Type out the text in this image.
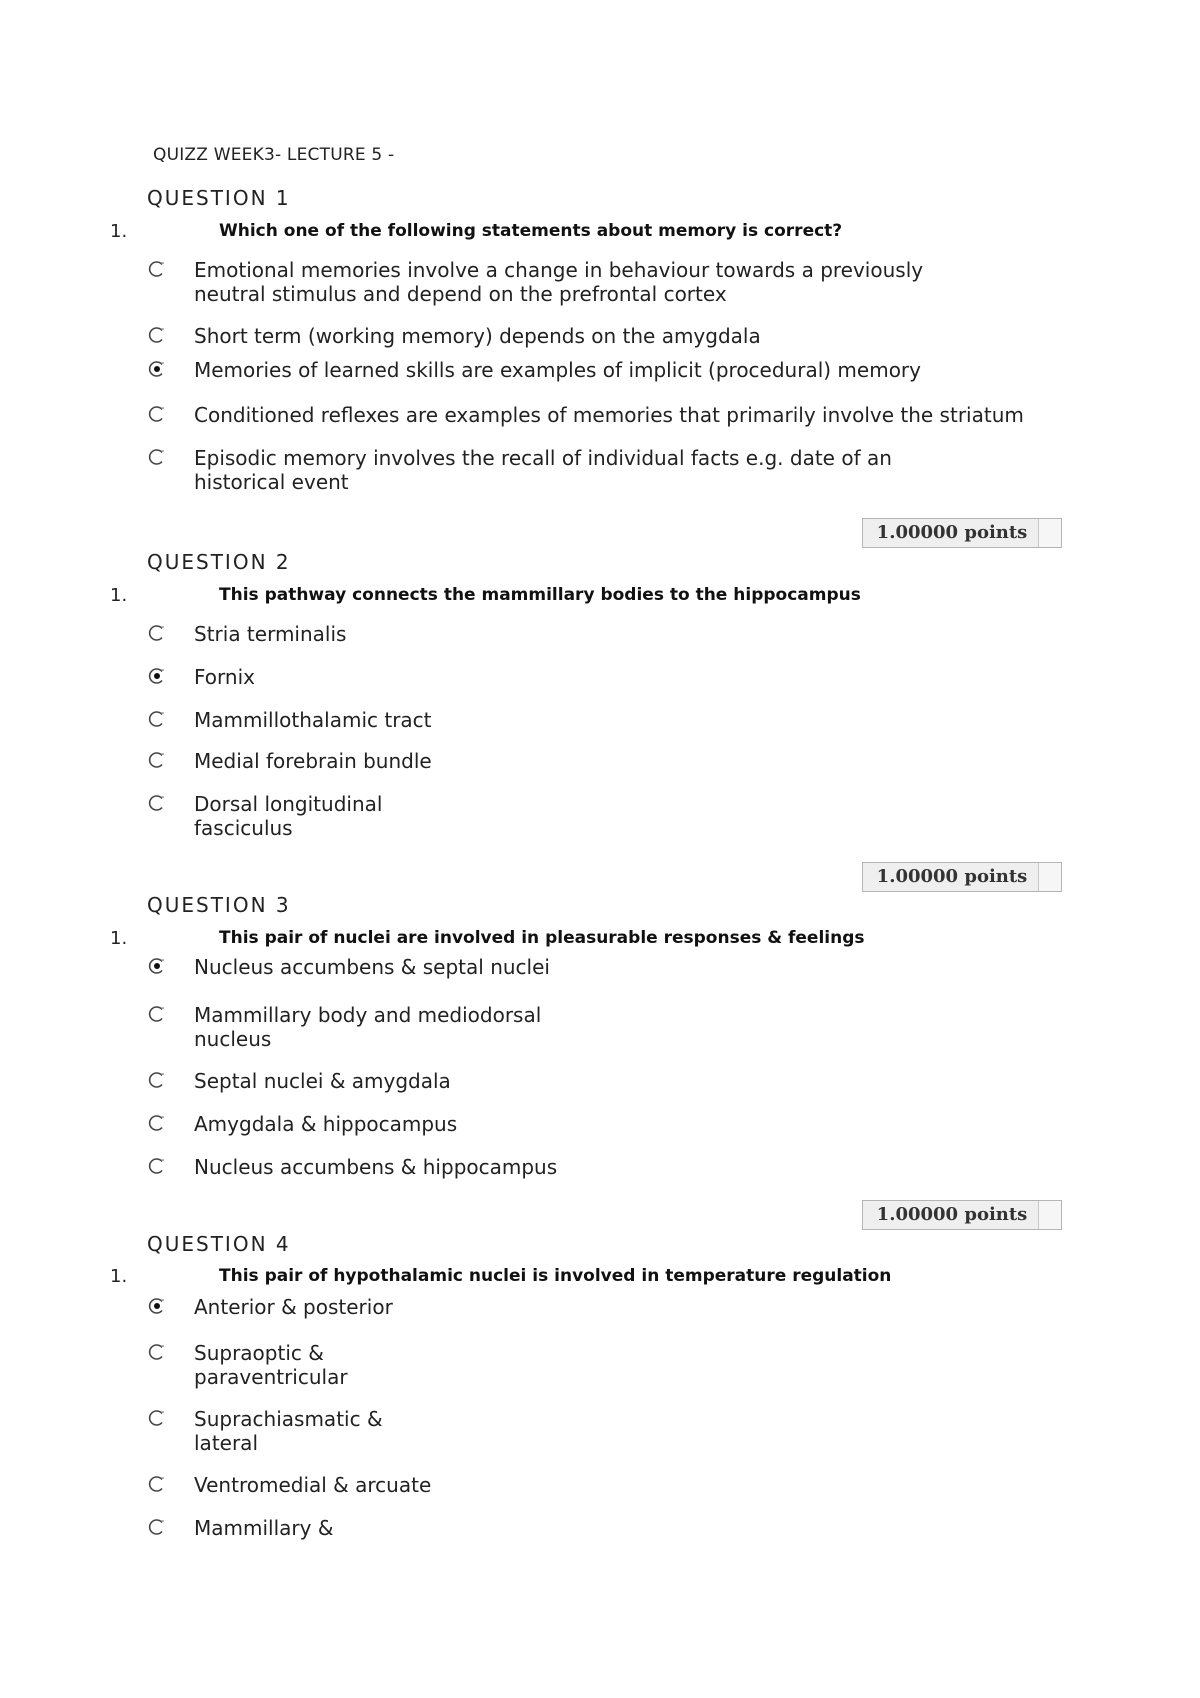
QUIZZ WEEK3- LECTURE 5 -
QUESTION 1
1.	Which one of the following statements about memory is correct?
Emotional memories involve a change in behaviour towards a previously neutral stimulus and depend on the prefrontal cortex
Short term (working memory) depends on the amygdala
Memories of learned skills are examples of implicit (procedural) memory
Conditioned reflexes are examples of memories that primarily involve the striatum
Episodic memory involves the recall of individual facts e.g. date of an historical event
1.00000 points
QUESTION 2
1.	This pathway connects the mammillary bodies to the hippocampus
Stria terminalis
Fornix
Mammillothalamic tract
Medial forebrain bundle
Dorsal longitudinal fasciculus
1.00000 points
QUESTION 3
1.	This pair of nuclei are involved in pleasurable responses & feelings
Nucleus accumbens & septal nuclei
Mammillary body and mediodorsal nucleus
Septal nuclei & amygdala
Amygdala & hippocampus
Nucleus accumbens & hippocampus
1.00000 points
QUESTION 4
1.	This pair of hypothalamic nuclei is involved in temperature regulation
Anterior & posterior
Supraoptic & paraventricular
Suprachiasmatic & lateral
Ventromedial & arcuate
Mammillary &
